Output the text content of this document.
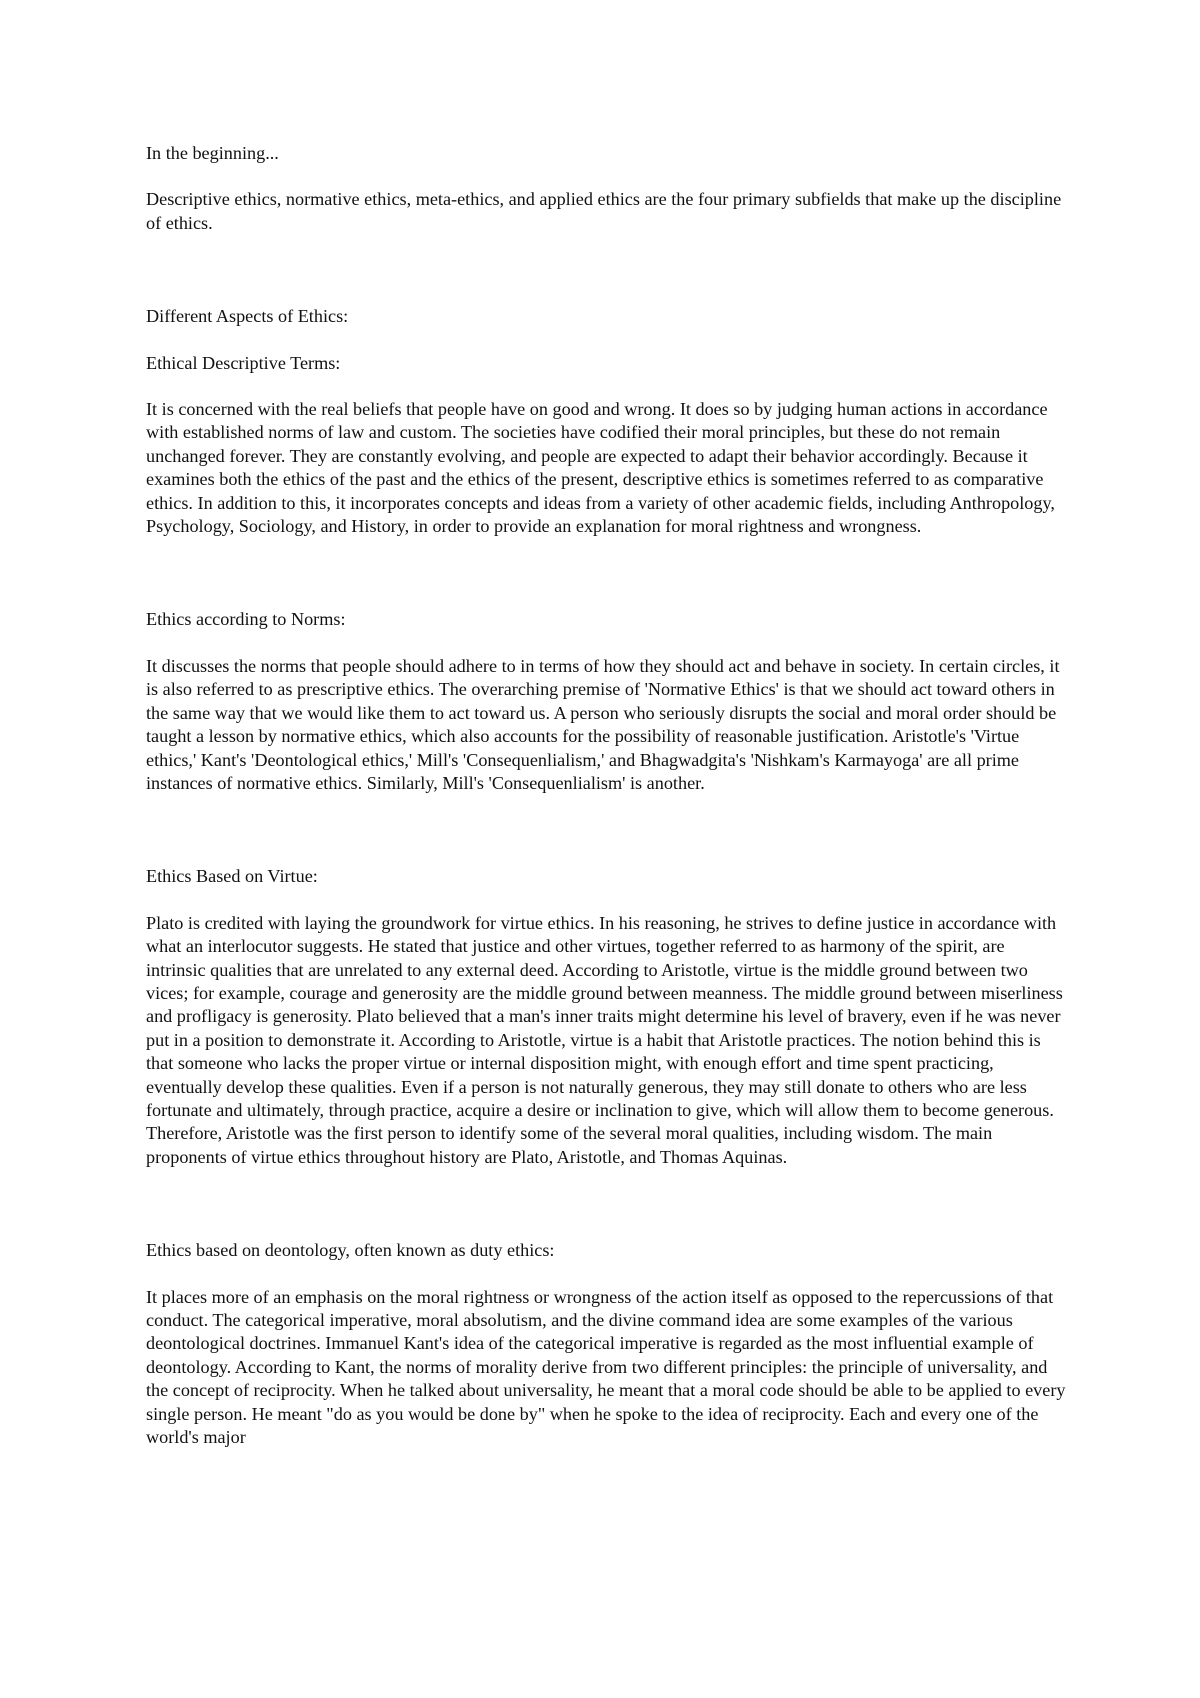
In the beginning...

Descriptive ethics, normative ethics, meta-ethics, and applied ethics are the four primary subfields that make up the discipline of ethics.

Different Aspects of Ethics:

Ethical Descriptive Terms:

It is concerned with the real beliefs that people have on good and wrong. It does so by judging human actions in accordance with established norms of law and custom. The societies have codified their moral principles, but these do not remain unchanged forever. They are constantly evolving, and people are expected to adapt their behavior accordingly. Because it examines both the ethics of the past and the ethics of the present, descriptive ethics is sometimes referred to as comparative ethics. In addition to this, it incorporates concepts and ideas from a variety of other academic fields, including Anthropology, Psychology, Sociology, and History, in order to provide an explanation for moral rightness and wrongness.

Ethics according to Norms:

It discusses the norms that people should adhere to in terms of how they should act and behave in society. In certain circles, it is also referred to as prescriptive ethics. The overarching premise of 'Normative Ethics' is that we should act toward others in the same way that we would like them to act toward us. A person who seriously disrupts the social and moral order should be taught a lesson by normative ethics, which also accounts for the possibility of reasonable justification. Aristotle's 'Virtue ethics,' Kant's 'Deontological ethics,' Mill's 'Consequenlialism,' and Bhagwadgita's 'Nishkam's Karmayoga' are all prime instances of normative ethics. Similarly, Mill's 'Consequenlialism' is another.

Ethics Based on Virtue:

Plato is credited with laying the groundwork for virtue ethics. In his reasoning, he strives to define justice in accordance with what an interlocutor suggests. He stated that justice and other virtues, together referred to as harmony of the spirit, are intrinsic qualities that are unrelated to any external deed. According to Aristotle, virtue is the middle ground between two vices; for example, courage and generosity are the middle ground between meanness. The middle ground between miserliness and profligacy is generosity. Plato believed that a man's inner traits might determine his level of bravery, even if he was never put in a position to demonstrate it. According to Aristotle, virtue is a habit that Aristotle practices. The notion behind this is that someone who lacks the proper virtue or internal disposition might, with enough effort and time spent practicing, eventually develop these qualities. Even if a person is not naturally generous, they may still donate to others who are less fortunate and ultimately, through practice, acquire a desire or inclination to give, which will allow them to become generous. Therefore, Aristotle was the first person to identify some of the several moral qualities, including wisdom. The main proponents of virtue ethics throughout history are Plato, Aristotle, and Thomas Aquinas.

Ethics based on deontology, often known as duty ethics:

It places more of an emphasis on the moral rightness or wrongness of the action itself as opposed to the repercussions of that conduct. The categorical imperative, moral absolutism, and the divine command idea are some examples of the various deontological doctrines. Immanuel Kant's idea of the categorical imperative is regarded as the most influential example of deontology. According to Kant, the norms of morality derive from two different principles: the principle of universality, and the concept of reciprocity. When he talked about universality, he meant that a moral code should be able to be applied to every single person. He meant "do as you would be done by" when he spoke to the idea of reciprocity. Each and every one of the world's major
